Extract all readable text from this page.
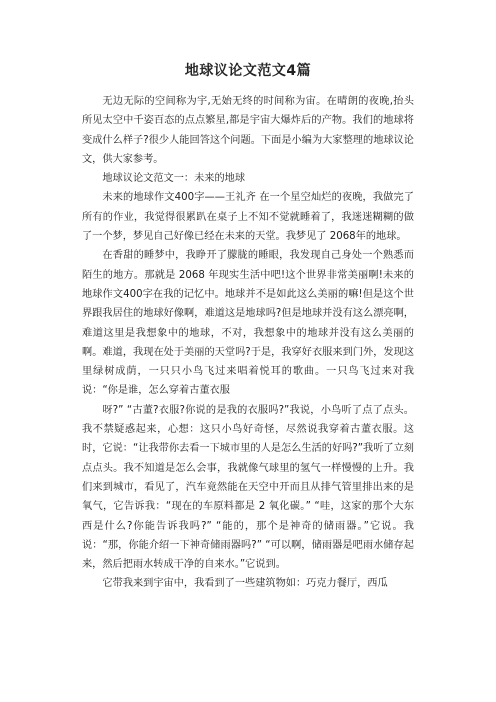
地球议论文范文4篇

无边无际的空间称为宇,无始无终的时间称为宙。在晴朗的夜晚,抬头所见太空中千姿百态的点点繁星,都是宇宙大爆炸后的产物。我们的地球将变成什么样子?很少人能回答这个问题。下面是小编为大家整理的地球议论文，供大家参考。

地球议论文范文一：未来的地球

未来的地球作文400字——王礼齐 在一个星空灿烂的夜晚，我做完了所有的作业，我觉得很累趴在桌子上不知不觉就睡着了，我迷迷糊糊的做了一个梦，梦见自己好像已经在未来的天堂。我梦见了 2068年的地球。

在香甜的睡梦中，我睁开了朦胧的睡眼，我发现自己身处一个熟悉而陌生的地方。那就是 2068 年现实生活中吧!这个世界非常美丽啊!未来的地球作文400字在我的记忆中。地球并不是如此这么美丽的嘛!但是这个世界跟我居住的地球好像啊，难道这是地球吗?但是地球并没有这么漂亮啊，难道这里是我想象中的地球，不对，我想象中的地球并没有这么美丽的啊。难道，我现在处于美丽的天堂吗?于是，我穿好衣服来到门外，发现这里绿树成荫，一只只小鸟飞过来唱着悦耳的歌曲。一只鸟飞过来对我说：“你是谁，怎么穿着古董衣服

呀?” “古董?衣服?你说的是我的衣服吗?”我说，小鸟听了点了点头。我不禁疑惑起来，心想：这只小鸟好奇怪，尽然说我穿着古董衣服。这时，它说：“让我带你去看一下城市里的人是怎么生活的好吗?”我听了立刻点点头。我不知道是怎么会事，我就像气球里的氢气一样慢慢的上升。我们来到城市，看见了，汽车竟然能在天空中开而且从排气管里排出来的是氧气，它告诉我：“现在的车原料都是 2 氧化碳。” “哇，这家的那个大东西是什么?你能告诉我吗?” “能的，那个是神奇的储雨器。”它说。我说：“那，你能介绍一下神奇储雨器吗?” “可以啊，储雨器是吧雨水储存起来，然后把雨水转成干净的自来水。”它说到。

它带我来到宇宙中，我看到了一些建筑物如：巧克力餐厅，西瓜
